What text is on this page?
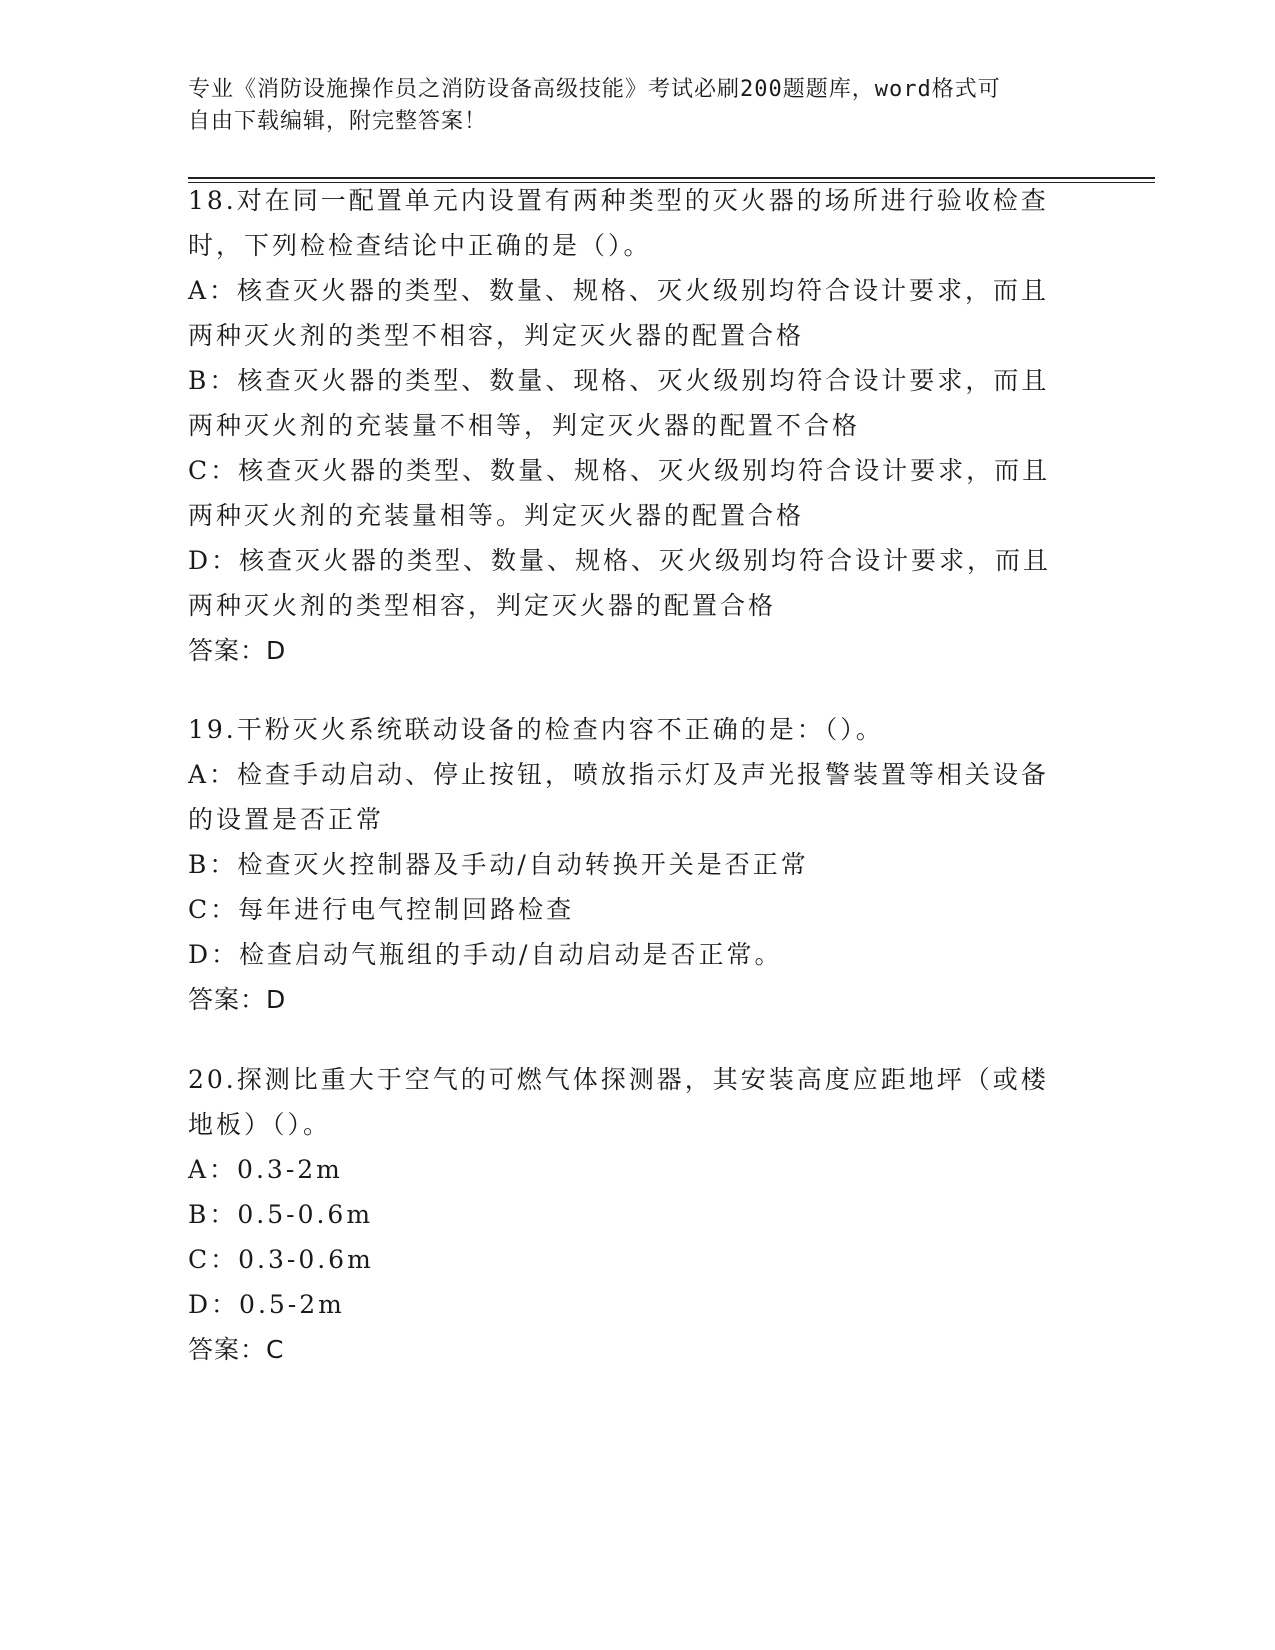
专业《消防设施操作员之消防设备高级技能》考试必刷200题题库，word格式可
自由下载编辑，附完整答案！
18.对在同一配置单元内设置有两种类型的灭火器的场所进行验收检查
时，下列检检查结论中正确的是（）。
A：核查灭火器的类型、数量、规格、灭火级别均符合设计要求，而且
两种灭火剂的类型不相容，判定灭火器的配置合格
B：核查灭火器的类型、数量、现格、灭火级别均符合设计要求，而且
两种灭火剂的充装量不相等，判定灭火器的配置不合格
C：核查灭火器的类型、数量、规格、灭火级别均符合设计要求，而且
两种灭火剂的充装量相等。判定灭火器的配置合格
D：核查灭火器的类型、数量、规格、灭火级别均符合设计要求，而且
两种灭火剂的类型相容，判定灭火器的配置合格
答案：D
19.干粉灭火系统联动设备的检查内容不正确的是：（）。
A：检查手动启动、停止按钮，喷放指示灯及声光报警装置等相关设备
的设置是否正常
B：检查灭火控制器及手动/自动转换开关是否正常
C：每年进行电气控制回路检查
D：检查启动气瓶组的手动/自动启动是否正常。
答案：D
20.探测比重大于空气的可燃气体探测器，其安装高度应距地坪（或楼
地板）（）。
A：0.3-2m
B：0.5-0.6m
C：0.3-0.6m
D：0.5-2m
答案：C
